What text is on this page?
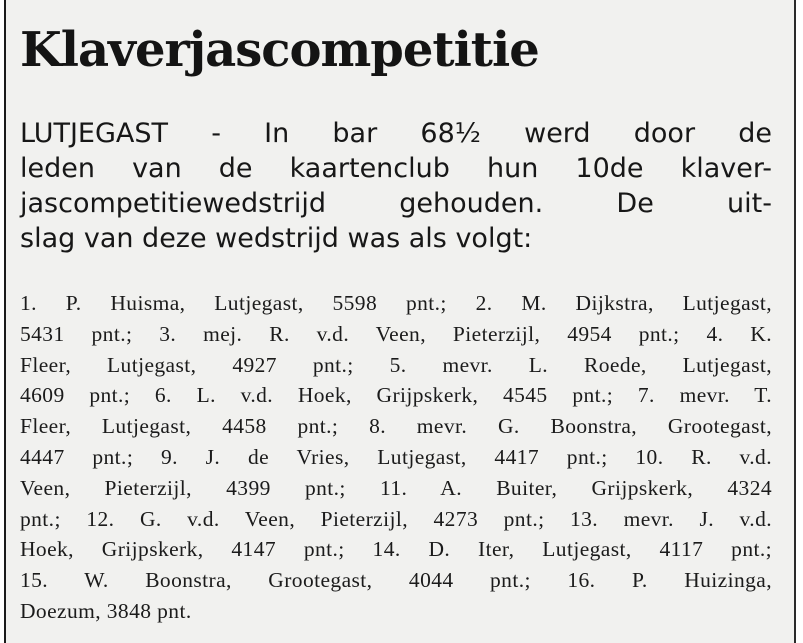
Klaverjascompetitie
LUTJEGAST - In bar 68½ werd door de
leden van de kaartenclub hun 10de klaver-
jascompetitiewedstrijd gehouden. De uit-
slag van deze wedstrijd was als volgt:
1. P. Huisma, Lutjegast, 5598 pnt.; 2. M. Dijkstra, Lutjegast,
5431 pnt.; 3. mej. R. v.d. Veen, Pieterzijl, 4954 pnt.; 4. K.
Fleer, Lutjegast, 4927 pnt.; 5. mevr. L. Roede, Lutjegast,
4609 pnt.; 6. L. v.d. Hoek, Grijpskerk, 4545 pnt.; 7. mevr. T.
Fleer, Lutjegast, 4458 pnt.; 8. mevr. G. Boonstra, Grootegast,
4447 pnt.; 9. J. de Vries, Lutjegast, 4417 pnt.; 10. R. v.d.
Veen, Pieterzijl, 4399 pnt.; 11. A. Buiter, Grijpskerk, 4324
pnt.; 12. G. v.d. Veen, Pieterzijl, 4273 pnt.; 13. mevr. J. v.d.
Hoek, Grijpskerk, 4147 pnt.; 14. D. Iter, Lutjegast, 4117 pnt.;
15. W. Boonstra, Grootegast, 4044 pnt.; 16. P. Huizinga,
Doezum, 3848 pnt.
